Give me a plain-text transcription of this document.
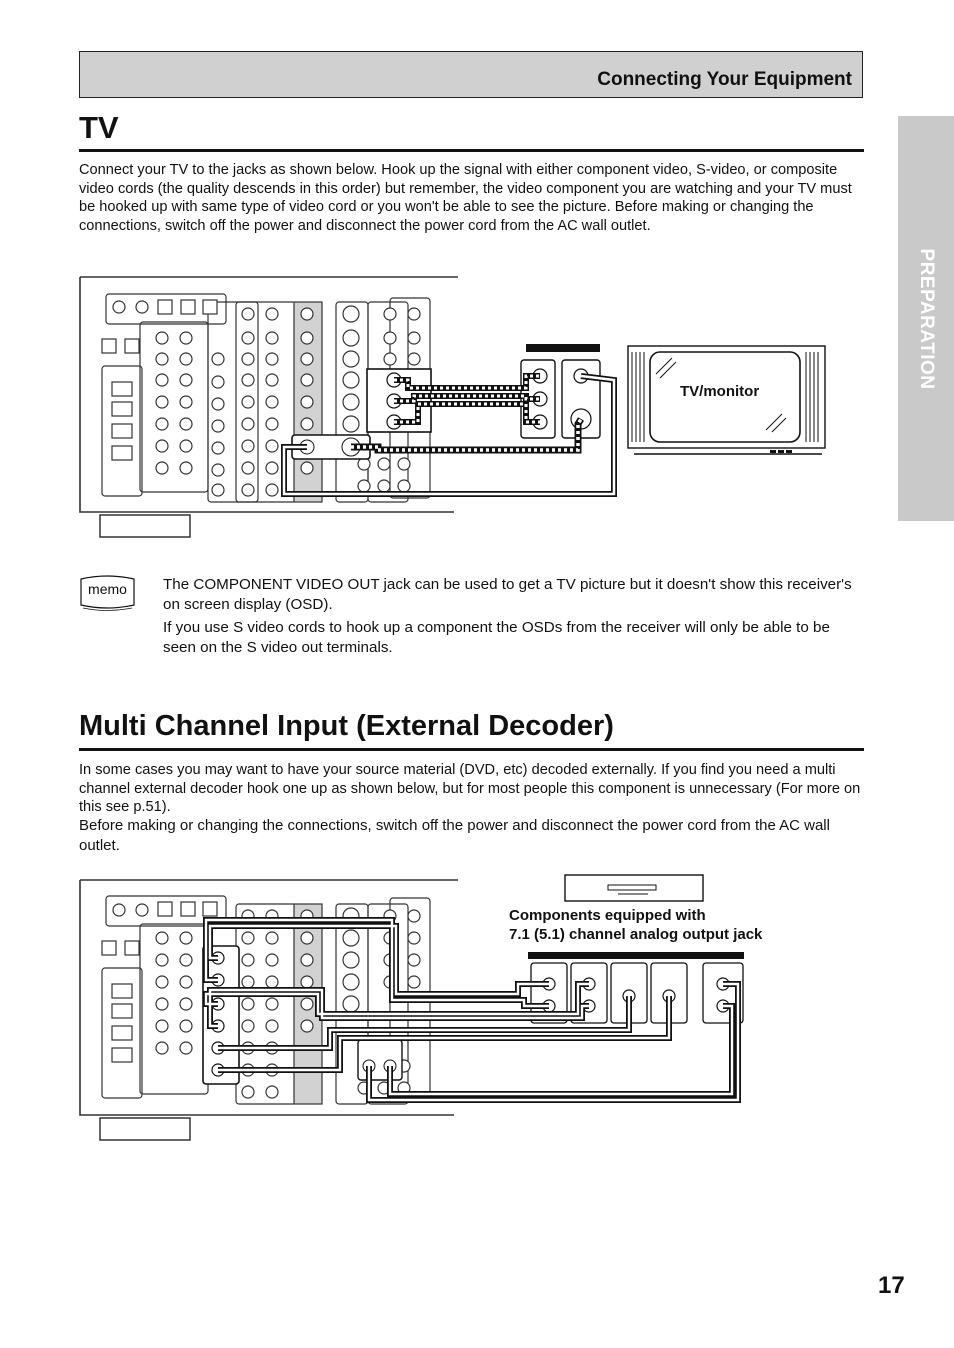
Connecting Your Equipment
PREPARATION
TV

Connect your TV to the jacks as shown below. Hook up the signal with either component video, S-video, or composite video cords (the quality descends in this order) but remember, the video component you are watching and your TV must be hooked up with same type of video cord or you won't be able to see the picture. Before making or changing the connections, switch off the power and disconnect the power cord from the AC wall outlet.

TV/monitor
memo The COMPONENT VIDEO OUT jack can be used to get a TV picture but it doesn't show this receiver's on screen display (OSD).

If you use S video cords to hook up a component the OSDs from the receiver will only be able to be seen on the S video out terminals.

Multi Channel Input (External Decoder)

In some cases you may want to have your source material (DVD, etc) decoded externally. If you find you need a multi channel external decoder hook one up as shown below, but for most people this component is unnecessary (For more on this see p.51).

Before making or changing the connections, switch off the power and disconnect the power cord from the AC wall outlet.

Components equipped with
7.1 (5.1) channel analog output jack
17
